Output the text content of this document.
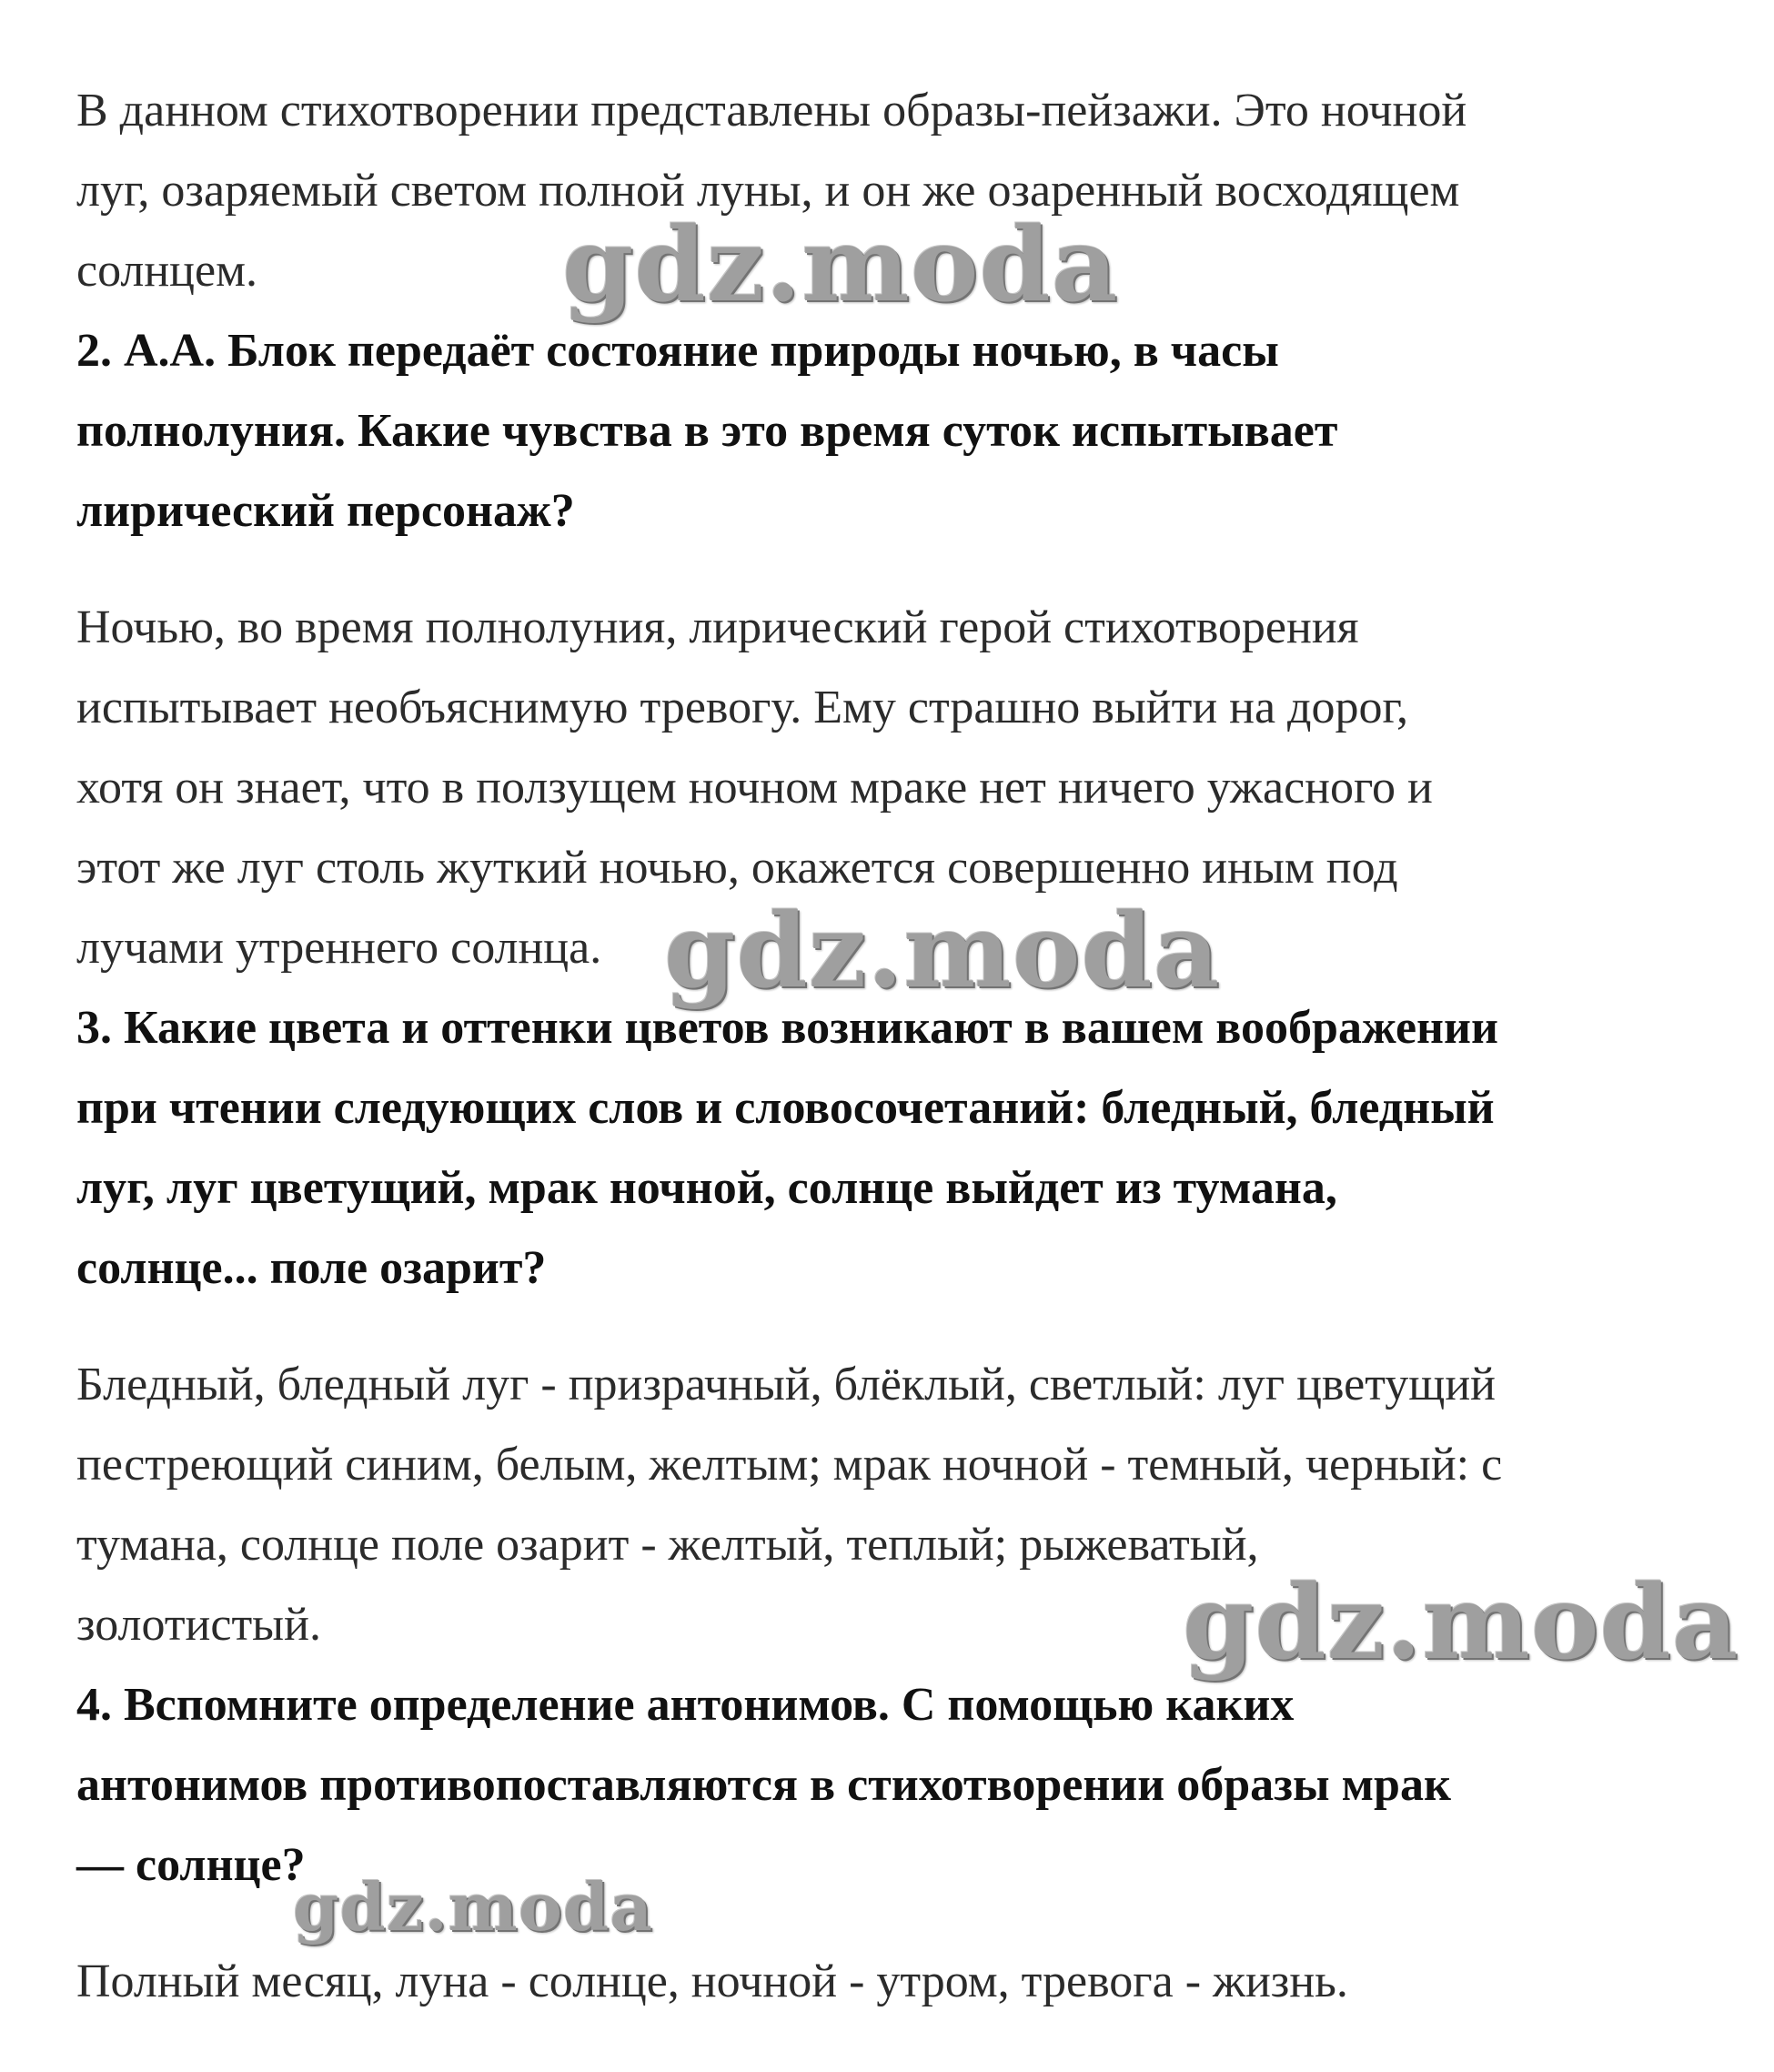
В данном стихотворении представлены образы-пейзажи. Это ночной
луг, озаряемый светом полной луны, и он же озаренный восходящем
солнцем.

2. А.А. Блок передаёт состояние природы ночью, в часы
полнолуния. Какие чувства в это время суток испытывает
лирический персонаж?

Ночью, во время полнолуния, лирический герой стихотворения
испытывает необъяснимую тревогу. Ему страшно выйти на дорог,
хотя он знает, что в ползущем ночном мраке нет ничего ужасного и
этот же луг столь жуткий ночью, окажется совершенно иным под
лучами утреннего солнца.

3. Какие цвета и оттенки цветов возникают в вашем воображении
при чтении следующих слов и словосочетаний: бледный, бледный
луг, луг цветущий, мрак ночной, солнце выйдет из тумана,
солнце... поле озарит?

Бледный, бледный луг - призрачный, блёклый, светлый: луг цветущий
пестреющий синим, белым, желтым; мрак ночной - темный, черный: с
тумана, солнце поле озарит - желтый, теплый; рыжеватый,
золотистый.

4. Вспомните определение антонимов. С помощью каких
антонимов противопоставляются в стихотворении образы мрак
— солнце?

Полный месяц, луна - солнце, ночной - утром, тревога - жизнь.

gdz.moda
gdz.moda
gdz.moda
gdz.moda
